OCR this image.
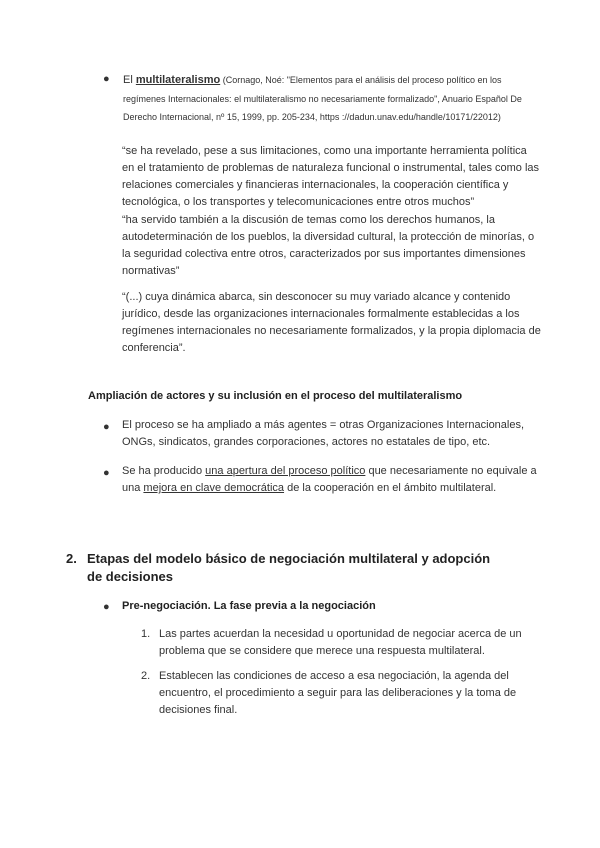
● El multilateralismo (Cornago, Noé: "Elementos para el análisis del proceso político en los regímenes Internacionales: el multilateralismo no necesariamente formalizado", Anuario Español De Derecho Internacional, nº 15, 1999, pp. 205-234, https ://dadun.unav.edu/handle/10171/22012)

“se ha revelado, pese a sus limitaciones, como una importante herramienta política en el tratamiento de problemas de naturaleza funcional o instrumental, tales como las relaciones comerciales y financieras internacionales, la cooperación científica y tecnológica, o los transportes y telecomunicaciones entre otros muchos”

“ha servido también a la discusión de temas como los derechos humanos, la autodeterminación de los pueblos, la diversidad cultural, la protección de minorías, o la seguridad colectiva entre otros, caracterizados por sus importantes dimensiones normativas”

“(...) cuya dinámica abarca, sin desconocer su muy variado alcance y contenido jurídico, desde las organizaciones internacionales formalmente establecidas a los regímenes internacionales no necesariamente formalizados, y la propia diplomacia de conferencia”.

Ampliación de actores y su inclusión en el proceso del multilateralismo

● El proceso se ha ampliado a más agentes = otras Organizaciones Internacionales, ONGs, sindicatos, grandes corporaciones, actores no estatales de tipo, etc.

● Se ha producido una apertura del proceso político que necesariamente no equivale a una mejora en clave democrática de la cooperación en el ámbito multilateral.

2. Etapas del modelo básico de negociación multilateral y adopción de decisiones

● Pre-negociación. La fase previa a la negociación

1. Las partes acuerdan la necesidad u oportunidad de negociar acerca de un problema que se considere que merece una respuesta multilateral.

2. Establecen las condiciones de acceso a esa negociación, la agenda del encuentro, el procedimiento a seguir para las deliberaciones y la toma de decisiones final.
